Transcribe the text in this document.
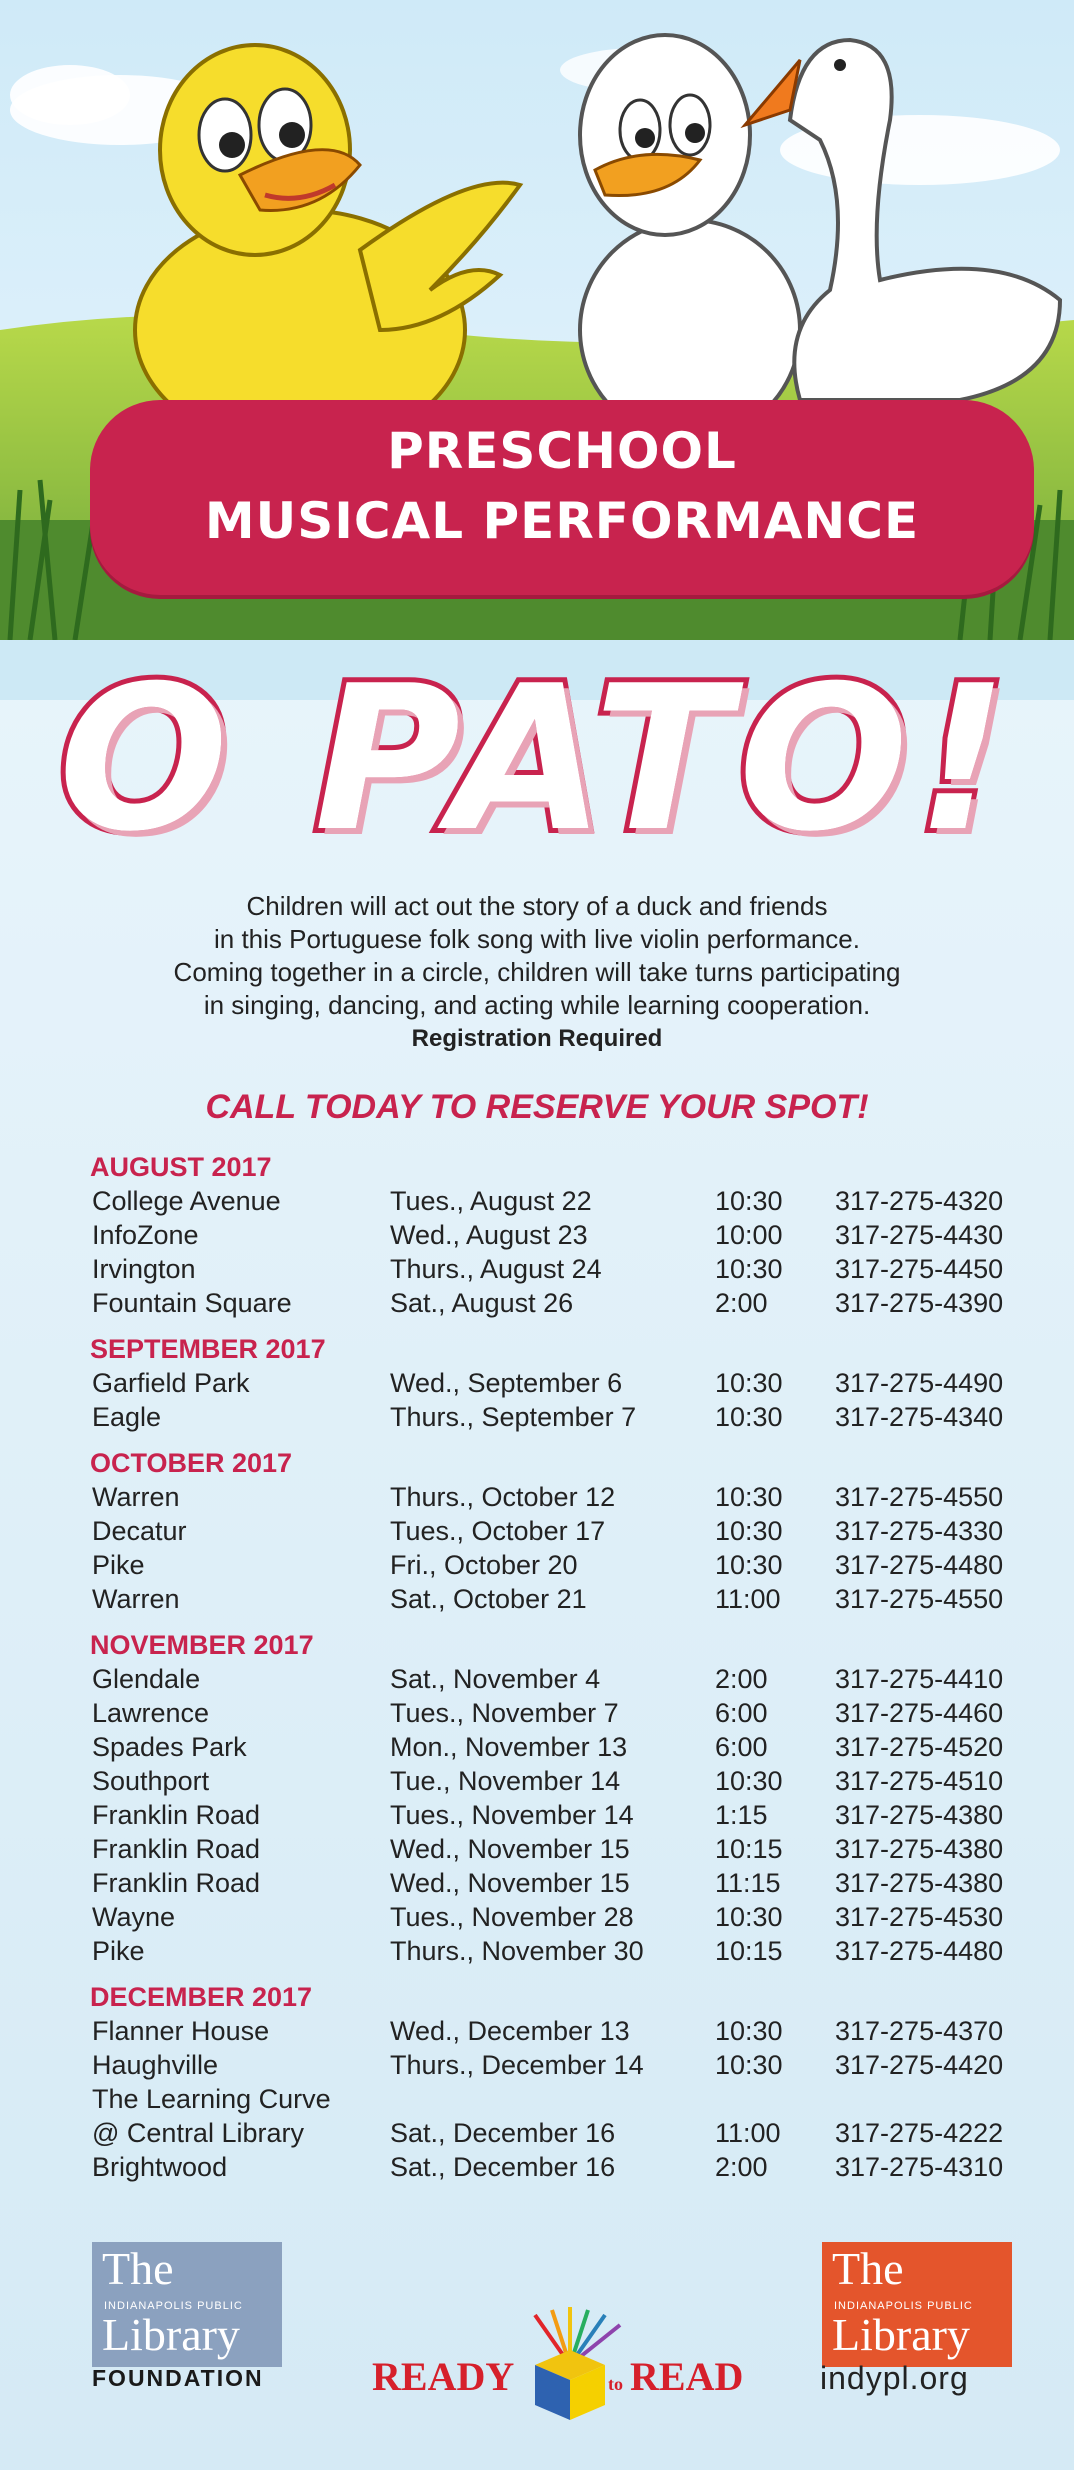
PRESCHOOL
MUSICAL PERFORMANCE
O PATO!
Children will act out the story of a duck and friends
in this Portuguese folk song with live violin performance.
Coming together in a circle, children will take turns participating
in singing, dancing, and acting while learning cooperation.
Registration Required
CALL TODAY TO RESERVE YOUR SPOT!
AUGUST 2017
College Avenue	Tues., August 22	10:30 317-275-4320
InfoZone	Wed., August 23	10:00 317-275-4430
Irvington	Thurs., August 24	10:30 317-275-4450
Fountain Square	Sat., August 26	2:00 317-275-4390
SEPTEMBER 2017
Garfield Park	Wed., September 6	10:30 317-275-4490
Eagle	Thurs., September 7	10:30 317-275-4340
OCTOBER 2017
Warren	Thurs., October 12	10:30 317-275-4550
Decatur	Tues., October 17	10:30 317-275-4330
Pike	Fri., October 20	10:30 317-275-4480
Warren	Sat., October 21	11:00 317-275-4550
NOVEMBER 2017
Glendale	Sat., November 4	2:00 317-275-4410
Lawrence	Tues., November 7	6:00 317-275-4460
Spades Park	Mon., November 13	6:00 317-275-4520
Southport	Tue., November 14	10:30 317-275-4510
Franklin Road	Tues., November 14	1:15 317-275-4380
Franklin Road	Wed., November 15	10:15 317-275-4380
Franklin Road	Wed., November 15	11:15 317-275-4380
Wayne	Tues., November 28	10:30 317-275-4530
Pike	Thurs., November 30	10:15 317-275-4480
DECEMBER 2017
Flanner House	Wed., December 13	10:30 317-275-4370
Haughville	Thurs., December 14	10:30 317-275-4420
The Learning Curve
@ Central Library	Sat., December 16	11:00 317-275-4222
Brightwood	Sat., December 16	2:00 317-275-4310
The
INDIANAPOLIS PUBLIC
Library
FOUNDATION	READY	to READ
The
INDIANAPOLIS PUBLIC
Library
indypl.org
